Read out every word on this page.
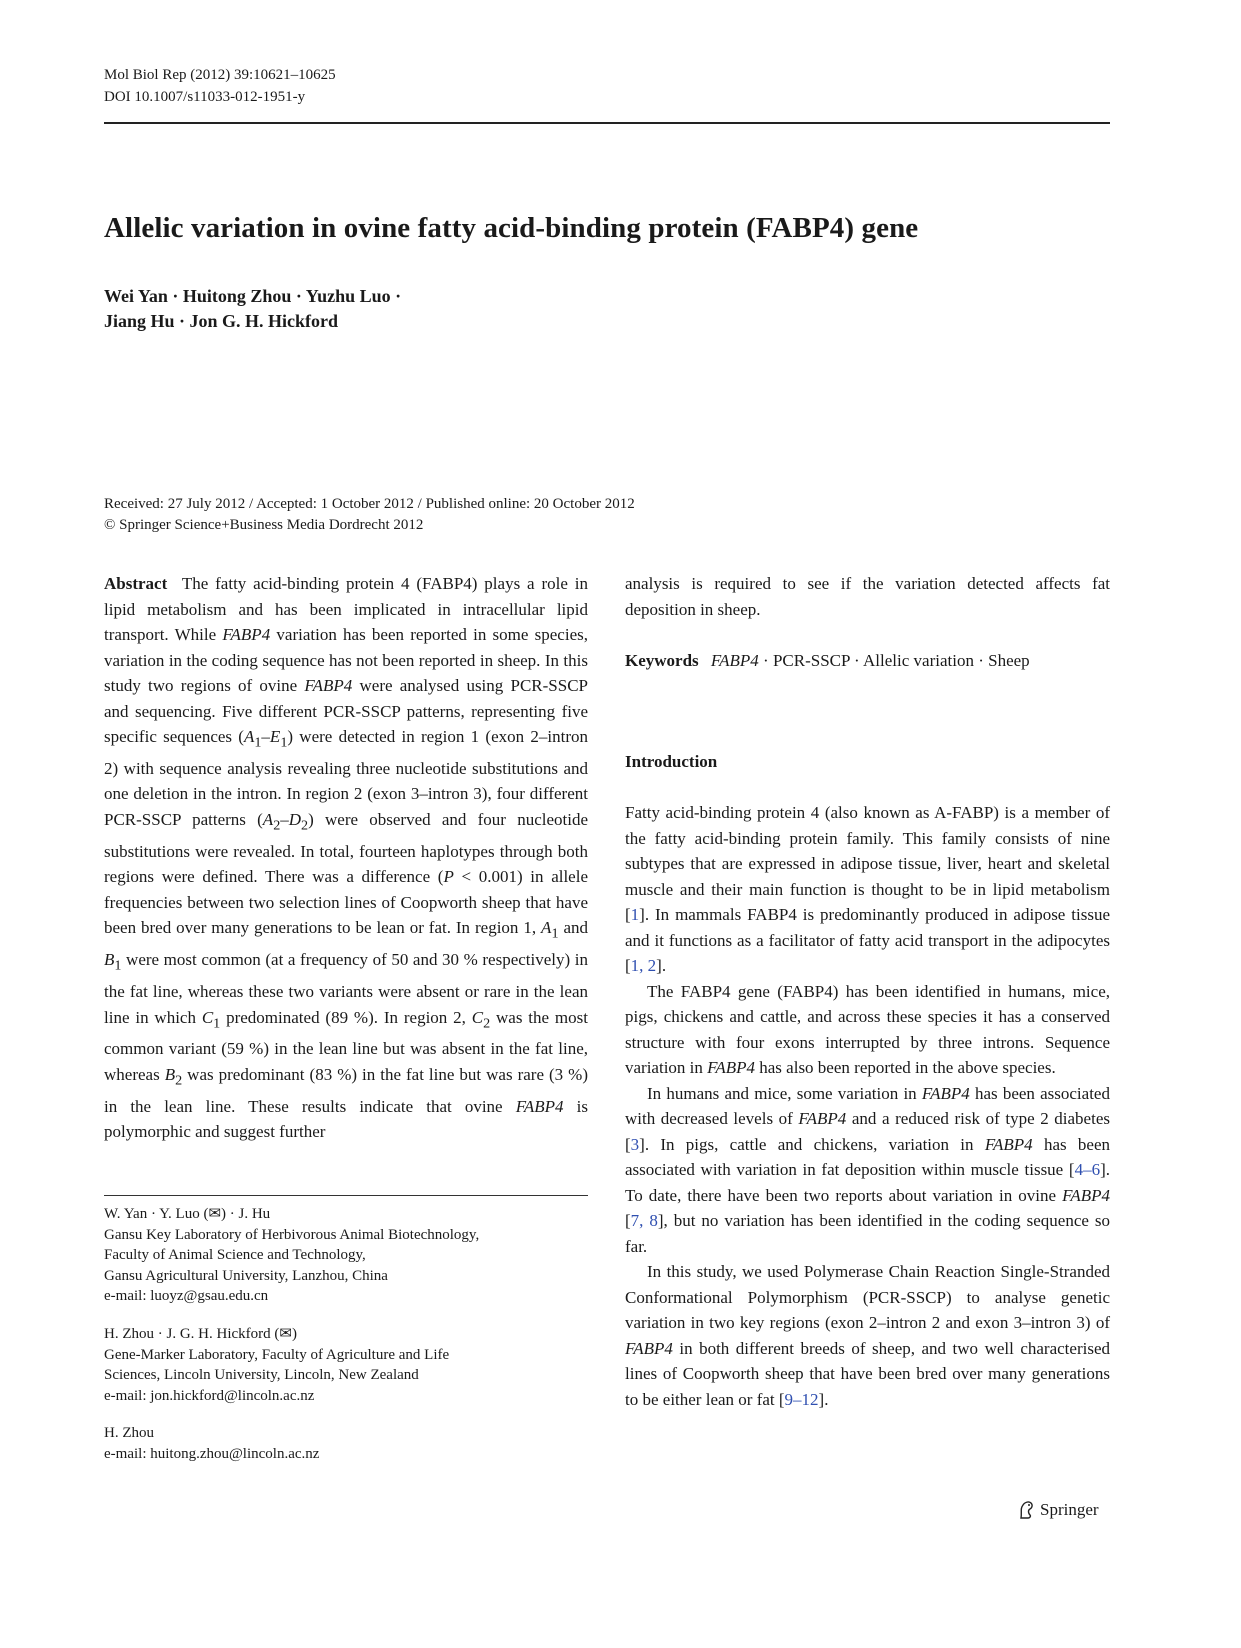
Mol Biol Rep (2012) 39:10621–10625
DOI 10.1007/s11033-012-1951-y
Allelic variation in ovine fatty acid-binding protein (FABP4) gene
Wei Yan · Huitong Zhou · Yuzhu Luo ·
Jiang Hu · Jon G. H. Hickford
Received: 27 July 2012 / Accepted: 1 October 2012 / Published online: 20 October 2012
© Springer Science+Business Media Dordrecht 2012
Abstract The fatty acid-binding protein 4 (FABP4) plays a role in lipid metabolism and has been implicated in intracellular lipid transport. While FABP4 variation has been reported in some species, variation in the coding sequence has not been reported in sheep. In this study two regions of ovine FABP4 were analysed using PCR-SSCP and sequencing. Five different PCR-SSCP patterns, representing five specific sequences $(A_1-E_1)$ were detected in region 1 (exon 2–intron 2) with sequence analysis revealing three nucleotide substitutions and one deletion in the intron. In region 2 (exon 3–intron 3), four different PCR-SSCP patterns $(A_2-D_2)$ were observed and four nucleotide substitutions were revealed. In total, fourteen haplotypes through both regions were defined. There was a difference (P < 0.001) in allele frequencies between two selection lines of Coopworth sheep that have been bred over many generations to be lean or fat. In region 1, $A_1$ and $B_1$ were most common (at a frequency of 50 and 30 % respectively) in the fat line, whereas these two variants were absent or rare in the lean line in which $C_1$ predominated (89 %). In region 2, $C_2$ was the most common variant (59 %) in the lean line but was absent in the fat line, whereas $B_2$ was predominant (83 %) in the fat line but was rare (3 %) in the lean line. These results indicate that ovine FABP4 is polymorphic and suggest further
analysis is required to see if the variation detected affects fat deposition in sheep.
Keywords FABP4 · PCR-SSCP · Allelic variation · Sheep
Introduction

Fatty acid-binding protein 4 (also known as A-FABP) is a member of the fatty acid-binding protein family. This family consists of nine subtypes that are expressed in adipose tissue, liver, heart and skeletal muscle and their main function is thought to be in lipid metabolism [1]. In mammals FABP4 is predominantly produced in adipose tissue and it functions as a facilitator of fatty acid transport in the adipocytes [1, 2].

The FABP4 gene (FABP4) has been identified in humans, mice, pigs, chickens and cattle, and across these species it has a conserved structure with four exons interrupted by three introns. Sequence variation in FABP4 has also been reported in the above species.

In humans and mice, some variation in FABP4 has been associated with decreased levels of FABP4 and a reduced risk of type 2 diabetes [3]. In pigs, cattle and chickens, variation in FABP4 has been associated with variation in fat deposition within muscle tissue [4–6]. To date, there have been two reports about variation in ovine FABP4 [7, 8], but no variation has been identified in the coding sequence so far.

In this study, we used Polymerase Chain Reaction Single-Stranded Conformational Polymorphism (PCR-SSCP) to analyse genetic variation in two key regions (exon 2–intron 2 and exon 3–intron 3) of FABP4 in both different breeds of sheep, and two well characterised lines of Coopworth sheep that have been bred over many generations to be either lean or fat [9–12].

W. Yan · Y. Luo (✉) · J. Hu
Gansu Key Laboratory of Herbivorous Animal Biotechnology,
Faculty of Animal Science and Technology,
Gansu Agricultural University, Lanzhou, China
e-mail: luoyz@gsau.edu.cn
H. Zhou · J. G. H. Hickford (✉)
Gene-Marker Laboratory, Faculty of Agriculture and Life
Sciences, Lincoln University, Lincoln, New Zealand
e-mail: jon.hickford@lincoln.ac.nz
H. Zhou
e-mail: huitong.zhou@lincoln.ac.nz
Springer
